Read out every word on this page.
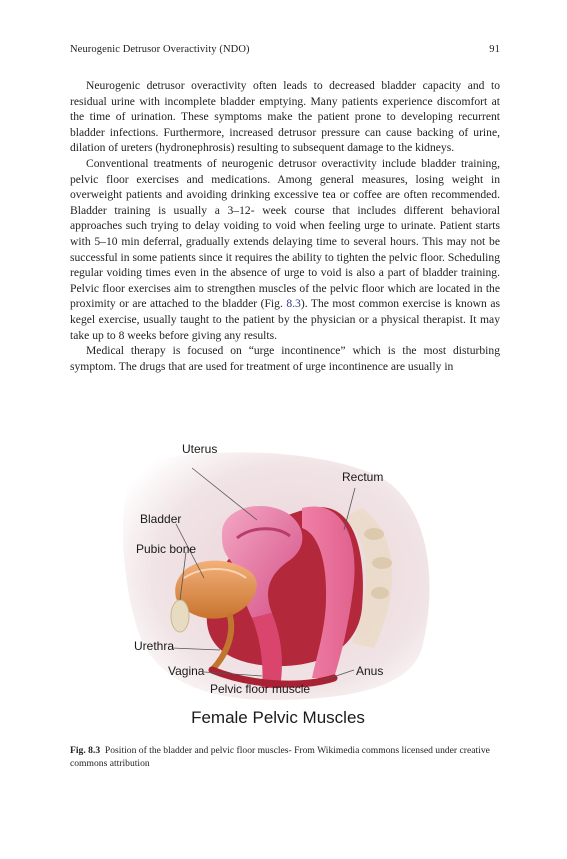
Neurogenic Detrusor Overactivity (NDO)	91

Neurogenic detrusor overactivity often leads to decreased bladder capacity and to residual urine with incomplete bladder emptying. Many patients experience discomfort at the time of urination. These symptoms make the patient prone to developing recurrent bladder infections. Furthermore, increased detrusor pressure can cause backing of urine, dilation of ureters (hydronephrosis) resulting to subsequent damage to the kidneys.

Conventional treatments of neurogenic detrusor overactivity include bladder training, pelvic floor exercises and medications. Among general measures, losing weight in overweight patients and avoiding drinking excessive tea or coffee are often recommended. Bladder training is usually a 3–12- week course that includes different behavioral approaches such trying to delay voiding to void when feeling urge to urinate. Patient starts with 5–10 min deferral, gradually extends delaying time to several hours. This may not be successful in some patients since it requires the ability to tighten the pelvic floor. Scheduling regular voiding times even in the absence of urge to void is also a part of bladder training. Pelvic floor exercises aim to strengthen muscles of the pelvic floor which are located in the proximity or are attached to the bladder (Fig. 8.3). The most common exercise is known as kegel exercise, usually taught to the patient by the physician or a physical therapist. It may take up to 8 weeks before giving any results.

Medical therapy is focused on “urge incontinence” which is the most disturbing symptom. The drugs that are used for treatment of urge incontinence are usually in

Uterus
Rectum
Bladder
Pubic bone
Urethra
Vagina	Anus
Pelvic floor muscle
Female Pelvic Muscles
Fig. 8.3 Position of the bladder and pelvic floor muscles- From Wikimedia commons licensed under creative commons attribution
